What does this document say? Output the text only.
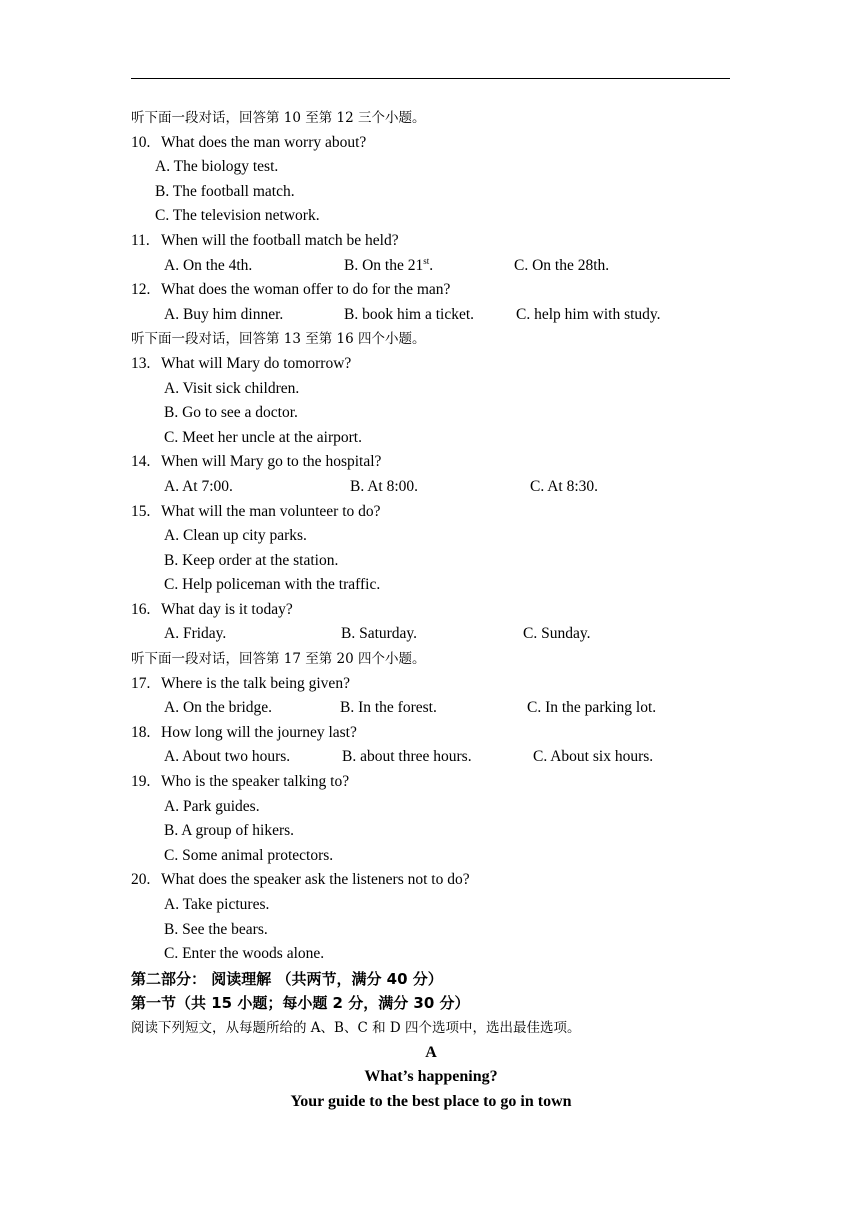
听下面一段对话，回答第 10 至第 12 三个小题。
10. What does the man worry about?
A. The biology test.
B. The football match.
C. The television network.
11. When will the football match be held?
A. On the 4th.	B. On the 21st.	C. On the 28th.
12. What does the woman offer to do for the man?
A. Buy him dinner.	B. book him a ticket.	C. help him with study.
听下面一段对话，回答第 13 至第 16 四个小题。
13. What will Mary do tomorrow?
A. Visit sick children.
B. Go to see a doctor.
C. Meet her uncle at the airport.
14. When will Mary go to the hospital?
A. At 7:00.	B. At 8:00.	C. At 8:30.
15. What will the man volunteer to do?
A. Clean up city parks.
B. Keep order at the station.
C. Help policeman with the traffic.
16. What day is it today?
A. Friday.	B. Saturday.	C. Sunday.
听下面一段对话，回答第 17 至第 20 四个小题。
17. Where is the talk being given?
A. On the bridge.	B. In the forest.	C. In the parking lot.
18. How long will the journey last?
A. About two hours.	B. about three hours.	C. About six hours.
19. Who is the speaker talking to?
A. Park guides.
B. A group of hikers.
C. Some animal protectors.
20. What does the speaker ask the listeners not to do?
A. Take pictures.
B. See the bears.
C. Enter the woods alone.
第二部分： 阅读理解 （共两节，满分 40 分）
第一节（共 15 小题；每小题 2 分，满分 30 分）
阅读下列短文，从每题所给的 A、B、C 和 D 四个选项中，选出最佳选项。
A
What’s happening?
Your guide to the best place to go in town
